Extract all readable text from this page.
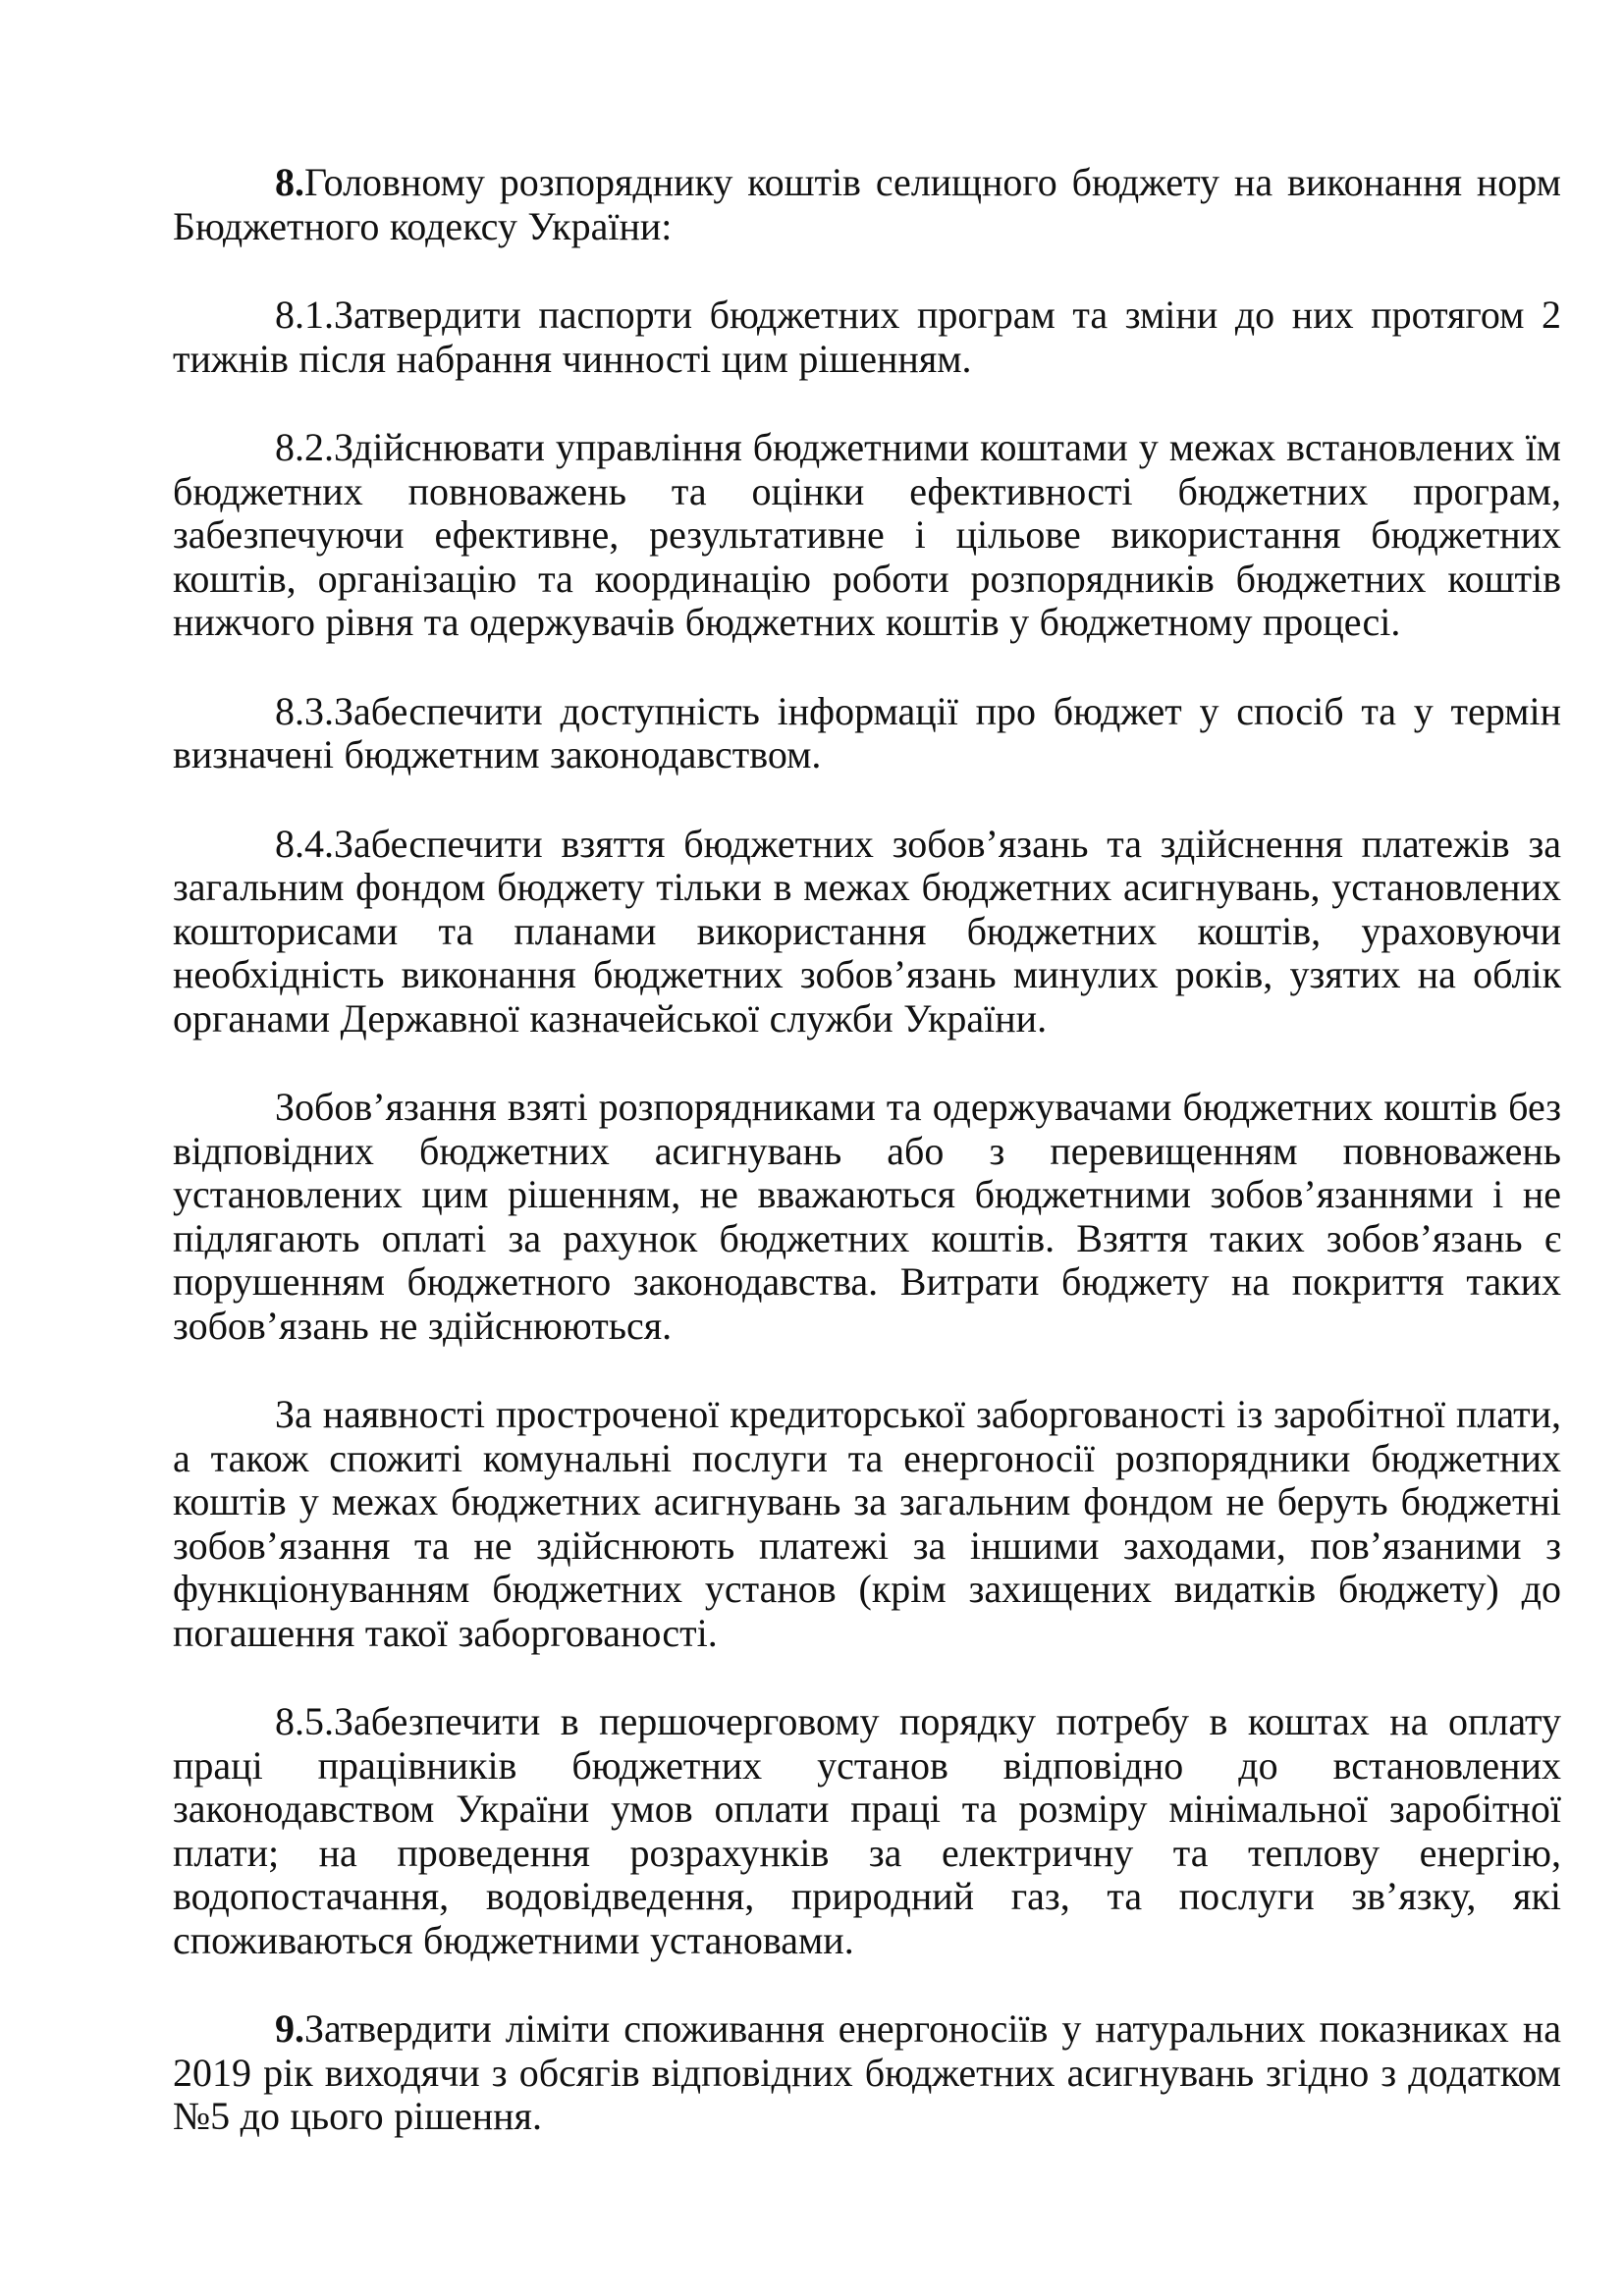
8.Головному розпоряднику коштів селищного бюджету на виконання норм Бюджетного кодексу України:

8.1.Затвердити паспорти бюджетних програм та зміни до них протягом 2 тижнів після набрання чинності цим рішенням.

8.2.Здійснювати управління бюджетними коштами у межах встановлених їм бюджетних повноважень та оцінки ефективності бюджетних програм, забезпечуючи ефективне, результативне і цільове використання бюджетних коштів, організацію та координацію роботи розпорядників бюджетних коштів нижчого рівня та одержувачів бюджетних коштів у бюджетному процесі.

8.3.Забеспечити доступність інформації про бюджет у спосіб та у термін визначені бюджетним законодавством.

8.4.Забеспечити взяття бюджетних зобов’язань та здійснення платежів за загальним фондом бюджету тільки в межах бюджетних асигнувань, установлених кошторисами та планами використання бюджетних коштів, ураховуючи необхідність виконання бюджетних зобов’язань минулих років, узятих на облік органами Державної казначейської служби України.

Зобов’язання взяті розпорядниками та одержувачами бюджетних коштів без відповідних бюджетних асигнувань або з перевищенням повноважень установлених цим рішенням, не вважаються бюджетними зобов’язаннями і не підлягають оплаті за рахунок бюджетних коштів. Взяття таких зобов’язань є порушенням бюджетного законодавства. Витрати бюджету на покриття таких зобов’язань не здійснюються.

За наявності простроченої кредиторської заборгованості із заробітної плати, а також спожиті комунальні послуги та енергоносії розпорядники бюджетних коштів у межах бюджетних асигнувань за загальним фондом не беруть бюджетні зобов’язання та не здійснюють платежі за іншими заходами, пов’язаними з функціонуванням бюджетних установ (крім захищених видатків бюджету) до погашення такої заборгованості.

8.5.Забезпечити в першочерговому порядку потребу в коштах на оплату праці працівників бюджетних установ відповідно до встановлених законодавством України умов оплати праці та розміру мінімальної заробітної плати; на проведення розрахунків за електричну та теплову енергію, водопостачання, водовідведення, природний газ, та послуги зв’язку, які споживаються бюджетними установами.

9.Затвердити ліміти споживання енергоносіїв у натуральних показниках на 2019 рік виходячи з обсягів відповідних бюджетних асигнувань згідно з додатком №5 до цього рішення.
